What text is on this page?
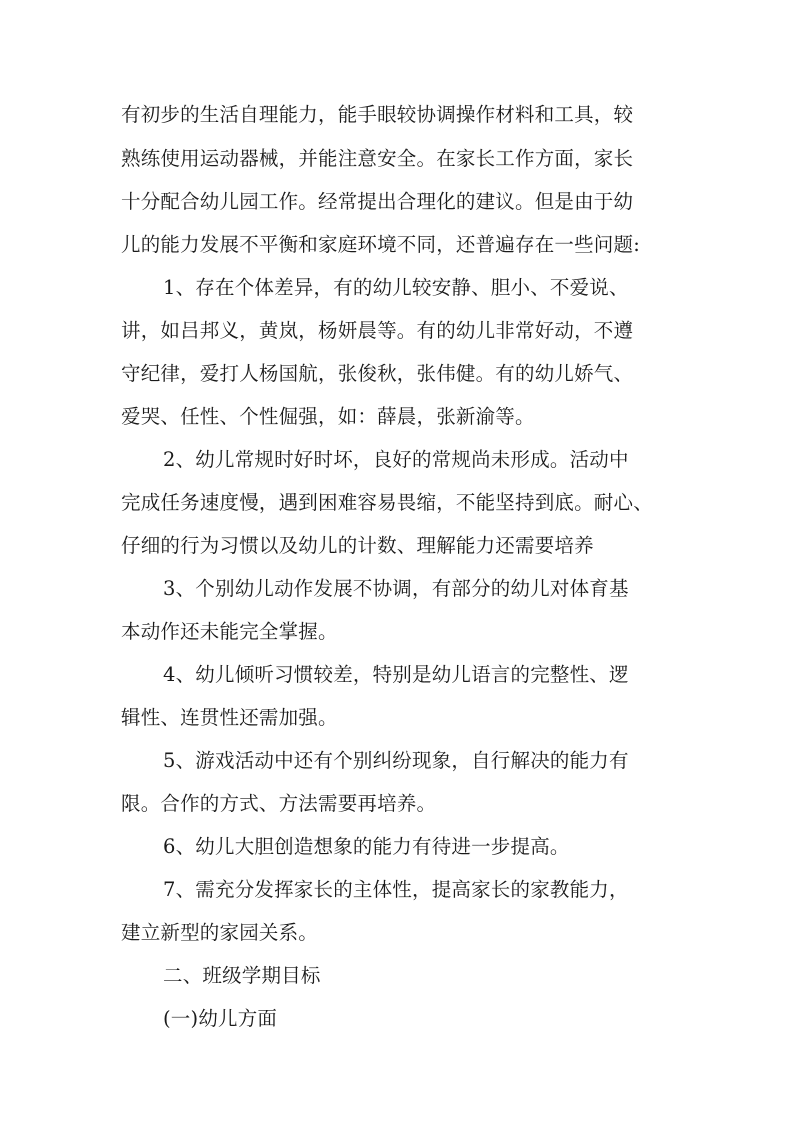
有初步的生活自理能力，能手眼较协调操作材料和工具，较
熟练使用运动器械，并能注意安全。在家长工作方面，家长
十分配合幼儿园工作。经常提出合理化的建议。但是由于幼
儿的能力发展不平衡和家庭环境不同，还普遍存在一些问题:
1、存在个体差异，有的幼儿较安静、胆小、不爱说、
讲，如吕邦义，黄岚，杨妍晨等。有的幼儿非常好动，不遵
守纪律，爱打人杨国航，张俊秋，张伟健。有的幼儿娇气、
爱哭、任性、个性倔强，如：薛晨，张新渝等。
2、幼儿常规时好时坏，良好的常规尚未形成。活动中
完成任务速度慢，遇到困难容易畏缩，不能坚持到底。耐心、
仔细的行为习惯以及幼儿的计数、理解能力还需要培养
3、个别幼儿动作发展不协调，有部分的幼儿对体育基
本动作还未能完全掌握。
4、幼儿倾听习惯较差，特别是幼儿语言的完整性、逻
辑性、连贯性还需加强。
5、游戏活动中还有个别纠纷现象，自行解决的能力有
限。合作的方式、方法需要再培养。
6、幼儿大胆创造想象的能力有待进一步提高。
7、需充分发挥家长的主体性，提高家长的家教能力，
建立新型的家园关系。
二、班级学期目标
(一)幼儿方面
